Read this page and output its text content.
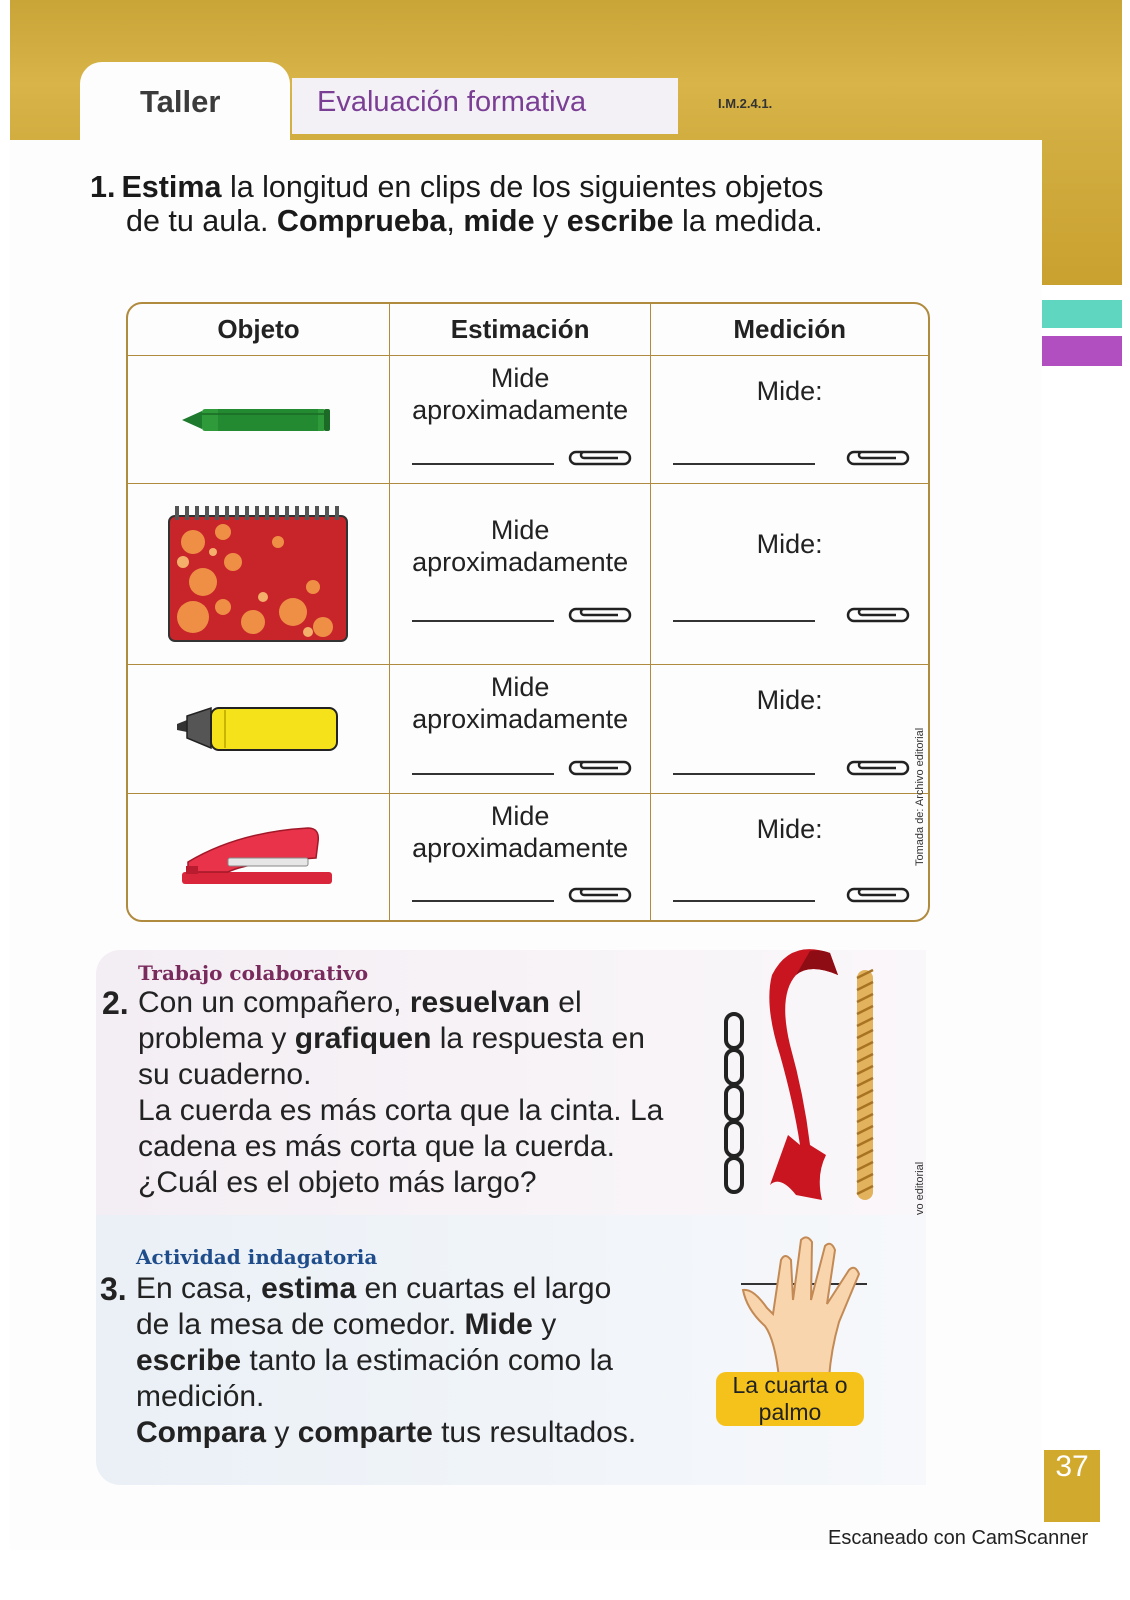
Taller	Evaluación formativa	I.M.2.4.1.
1. Estima la longitud en clips de los siguientes objetos
de tu aula. Comprueba, mide y escribe la medida.
Objeto	Estimación	Medición

Mide
aproximadamente	Mide:

Mide
aproximadamente	Mide:

Mide
aproximadamente	Mide:

Mide
aproximadamente	Mide:	Tomada de: Archivo editorial
Trabajo colaborativo
2. Con un compañero, resuelvan el
problema y grafiquen la respuesta en
su cuaderno.
La cuerda es más corta que la cinta. La
cadena es más corta que la cuerda.
¿Cuál es el objeto más largo?
Actividad indagatoria
3. En casa, estima en cuartas el largo
de la mesa de comedor. Mide y
escribe tanto la estimación como la
medición.
Compara y comparte tus resultados.
La cuarta o
palmo
37
Escaneado con CamScanner
